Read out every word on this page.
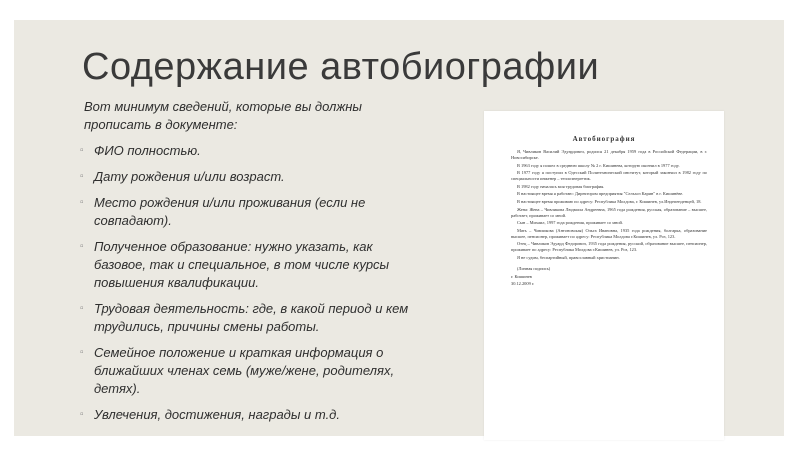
Содержание автобиографии

Вот минимум сведений, которые вы должны прописать в документе:

▫ ФИО полностью.
▫ Дату рождения и/или возраст.
▫ Место рождения и/или проживания (если не совпадают).
▫ Полученное образование: нужно указать, как базовое, так и специальное, в том числе курсы повышения квалификации.
▫ Трудовая деятельность: где, в какой период и кем трудились, причины смены работы.
▫ Семейное положение и краткая информация о ближайших членах семь (муже/жене, родителях, детях).
▫ Увлечения, достижения, награды и т.д.
Автобиография

Я, Чивликов Василий Эдуардович, родился 21 декабря 1959 года в Российской Федерации, в г. Новосибирске.

В 1963 году я пошел в среднюю школу № 2 г. Кишинева, которую окончил в 1977 году.

В 1977 году я поступил в Одесский Политехнический институт, который закончил в 1982 году по специальности инженер – теплоэнергетик.

В 1982 году началась моя трудовая биография.

В настоящее время я работаю: Директором предприятия "Сельхоз Карин" в г. Кишинёве.

В настоящее время проживаю по адресу: Республика Молдова, г. Кишинев, ул.Индепенденцей, 18.

Жена: Жена – Чивликова Людмила Андреевна, 1965 года рождения, русская, образование – высшее, работает, проживает со мной.

Сын – Михаил, 1997 года рождения, проживает со мной.

Мать – Чивликова (Антоновская) Ольга Ивановна, 1935 года рождения, болгарка, образование высшее, пенсионер, проживает по адресу: Республика Молдова г.Кишинев, ул. Роз, 123.

Отец – Чивликов Эдуард Федорович, 1935 года рождения, русский, образование высшее, пенсионер, проживает по адресу: Республика Молдова г.Кишинев, ул. Роз, 123.

Я не судим, беспартийный, православный христианин.

(Личная подпись)

г. Кишинев

30.12.2009 г.
